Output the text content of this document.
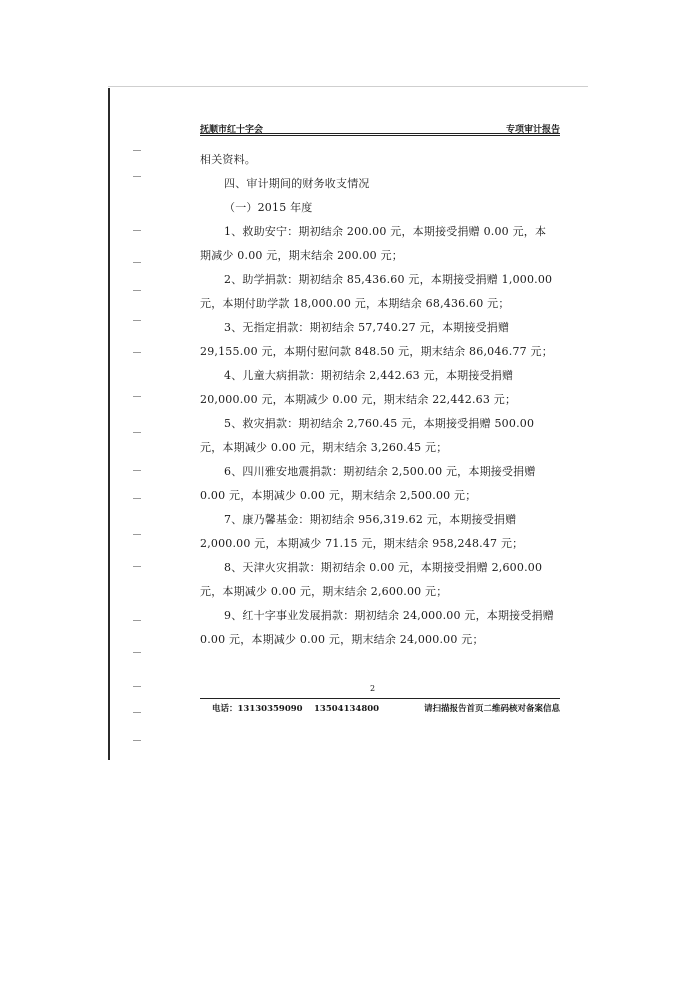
抚顺市红十字会	专项审计报告

相关资料。

四、审计期间的财务收支情况

（一）2015 年度

1、救助安宁：期初结余 200.00 元，本期接受捐赠 0.00 元，本期减少 0.00 元，期末结余 200.00 元；

2、助学捐款：期初结余 85,436.60 元，本期接受捐赠 1,000.00 元，本期付助学款 18,000.00 元，本期结余 68,436.60 元；

3、无指定捐款：期初结余 57,740.27 元，本期接受捐赠 29,155.00 元，本期付慰问款 848.50 元，期末结余 86,046.77 元；

4、儿童大病捐款：期初结余 2,442.63 元，本期接受捐赠 20,000.00 元，本期减少 0.00 元，期末结余 22,442.63 元；

5、救灾捐款：期初结余 2,760.45 元，本期接受捐赠 500.00 元，本期减少 0.00 元，期末结余 3,260.45 元；

6、四川雅安地震捐款：期初结余 2,500.00 元，本期接受捐赠 0.00 元，本期减少 0.00 元，期末结余 2,500.00 元；

7、康乃馨基金：期初结余 956,319.62 元，本期接受捐赠 2,000.00 元，本期减少 71.15 元，期末结余 958,248.47 元；

8、天津火灾捐款：期初结余 0.00 元，本期接受捐赠 2,600.00 元，本期减少 0.00 元，期末结余 2,600.00 元；

9、红十字事业发展捐款：期初结余 24,000.00 元，本期接受捐赠 0.00 元，本期减少 0.00 元，期末结余 24,000.00 元；

2
电话：13130359090　 13504134800	请扫描报告首页二维码核对备案信息
